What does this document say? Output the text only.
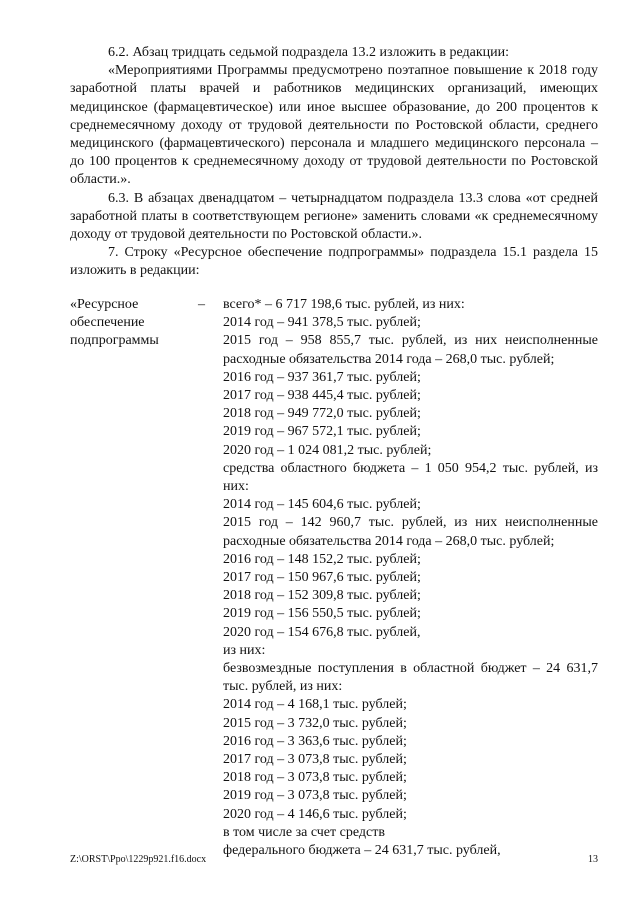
6.2. Абзац тридцать седьмой подраздела 13.2 изложить в редакции:

«Мероприятиями Программы предусмотрено поэтапное повышение к 2018 году заработной платы врачей и работников медицинских организаций, имеющих медицинское (фармацевтическое) или иное высшее образование, до 200 процентов к среднемесячному доходу от трудовой деятельности по Ростовской области, среднего медицинского (фармацевтического) персонала и младшего медицинского персонала – до 100 процентов к среднемесячному доходу от трудовой деятельности по Ростовской области.».

6.3. В абзацах двенадцатом – четырнадцатом подраздела 13.3 слова «от средней заработной платы в соответствующем регионе» заменить словами «к среднемесячному доходу от трудовой деятельности по Ростовской области.».

7. Строку «Ресурсное обеспечение подпрограммы» подраздела 15.1 раздела 15 изложить в редакции:

«Ресурсное
обеспечение
подпрограммы
–	всего* – 6 717 198,6 тыс. рублей, из них:
2014 год – 941 378,5 тыс. рублей;
2015 год – 958 855,7 тыс. рублей, из них неисполненные расходные обязательства 2014 года – 268,0 тыс. рублей;
2016 год – 937 361,7 тыс. рублей;
2017 год – 938 445,4 тыс. рублей;
2018 год – 949 772,0 тыс. рублей;
2019 год – 967 572,1 тыс. рублей;
2020 год – 1 024 081,2 тыс. рублей;
средства областного бюджета – 1 050 954,2 тыс. рублей, из них:
2014 год – 145 604,6 тыс. рублей;
2015 год – 142 960,7 тыс. рублей, из них неисполненные расходные обязательства 2014 года – 268,0 тыс. рублей;
2016 год – 148 152,2 тыс. рублей;
2017 год – 150 967,6 тыс. рублей;
2018 год – 152 309,8 тыс. рублей;
2019 год – 156 550,5 тыс. рублей;
2020 год – 154 676,8 тыс. рублей,
из них:
безвозмездные поступления в областной бюджет – 24 631,7 тыс. рублей, из них:
2014 год – 4 168,1 тыс. рублей;
2015 год – 3 732,0 тыс. рублей;
2016 год – 3 363,6 тыс. рублей;
2017 год – 3 073,8 тыс. рублей;
2018 год – 3 073,8 тыс. рублей;
2019 год – 3 073,8 тыс. рублей;
2020 год – 4 146,6 тыс. рублей;
в том числе за счет средств
федерального бюджета – 24 631,7 тыс. рублей,
Z:\ORST\Ppo\1229p921.f16.docx	13
